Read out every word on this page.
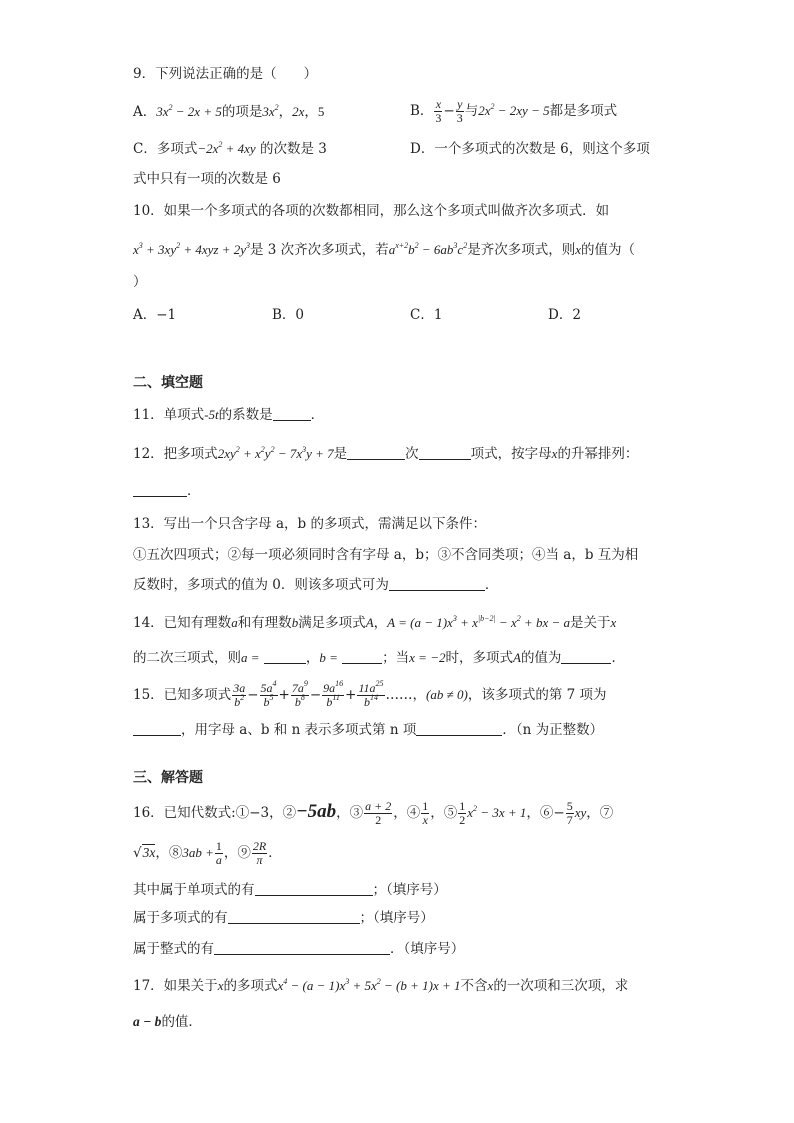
9．下列说法正确的是（　　）
A．$3x^2 - 2x + 5$的项是$3x^2$，2x，5	B． $\frac{x}{3} - \frac{y}{3}$ 与$2x^2 - 2xy - 5$都是多项式
C．多项式$-2x^2 + 4xy$ 的次数是 3	D．一个多项式的次数是 6，则这个多项
式中只有一项的次数是 6
10．如果一个多项式的各项的次数都相同，那么这个多项式叫做齐次多项式．如
$x^3 + 3xy^2 + 4xyz + 2y^3$是 3 次齐次多项式，若$a^{x+2}b^2 - 6ab^3c^2$是齐次多项式，则x的值为（
）
A．−1	B．0	C．1	D．2
二、填空题
11．单项式-5t的系数是	．
12．把多项式$2xy^2 + x^2y^2 - 7x^3y + 7$是	次	项式，按字母x的升幂排列：
．
13．写出一个只含字母 a，b 的多项式，需满足以下条件：
①五次四项式；②每一项必须同时含有字母 a，b；③不含同类项；④当 a，b 互为相
反数时，多项式的值为 0．则该多项式可为	．
14．已知有理数a和有理数b满足多项式A，$A = (a - 1)x^3 + x^{|b-2|} - x^2$ + bx − a是关于x
的二次三项式，则a =	，b =	；当x = −2时，多项式A的值为	．
15．已知多项式 $\frac{3a}{b^2} - \frac{5a^4}{b^5} + \frac{7a^9}{b^8} - \frac{9a^{16}}{b^{11}} + \frac{11a^{25}}{b^{14}}$ ……，(ab ≠ 0)，该多项式的第 7 项为
，用字母 a、b 和 n 表示多项式第 n 项	．（n 为正整数）
三、解答题
16．已知代数式:①−3，②−5ab，③ $\frac{a + 2}{2}$ ，④ $\frac{1}{x}$ ，⑤ $\frac{1}{2} x^2 - 3x + 1$，⑥− $\frac{5}{7}$ xy，⑦
√3x，⑧3ab + $\frac{1}{a}$ ，⑨ $\frac{2R}{\pi}$ ．
其中属于单项式的有	；（填序号）
属于多项式的有	；（填序号）
属于整式的有	．（填序号）
17．如果关于x的多项式$x^4 - (a - 1)x^3 + 5x^2 - (b + 1)x + 1$不含x的一次项和三次项，求
a − b的值．
